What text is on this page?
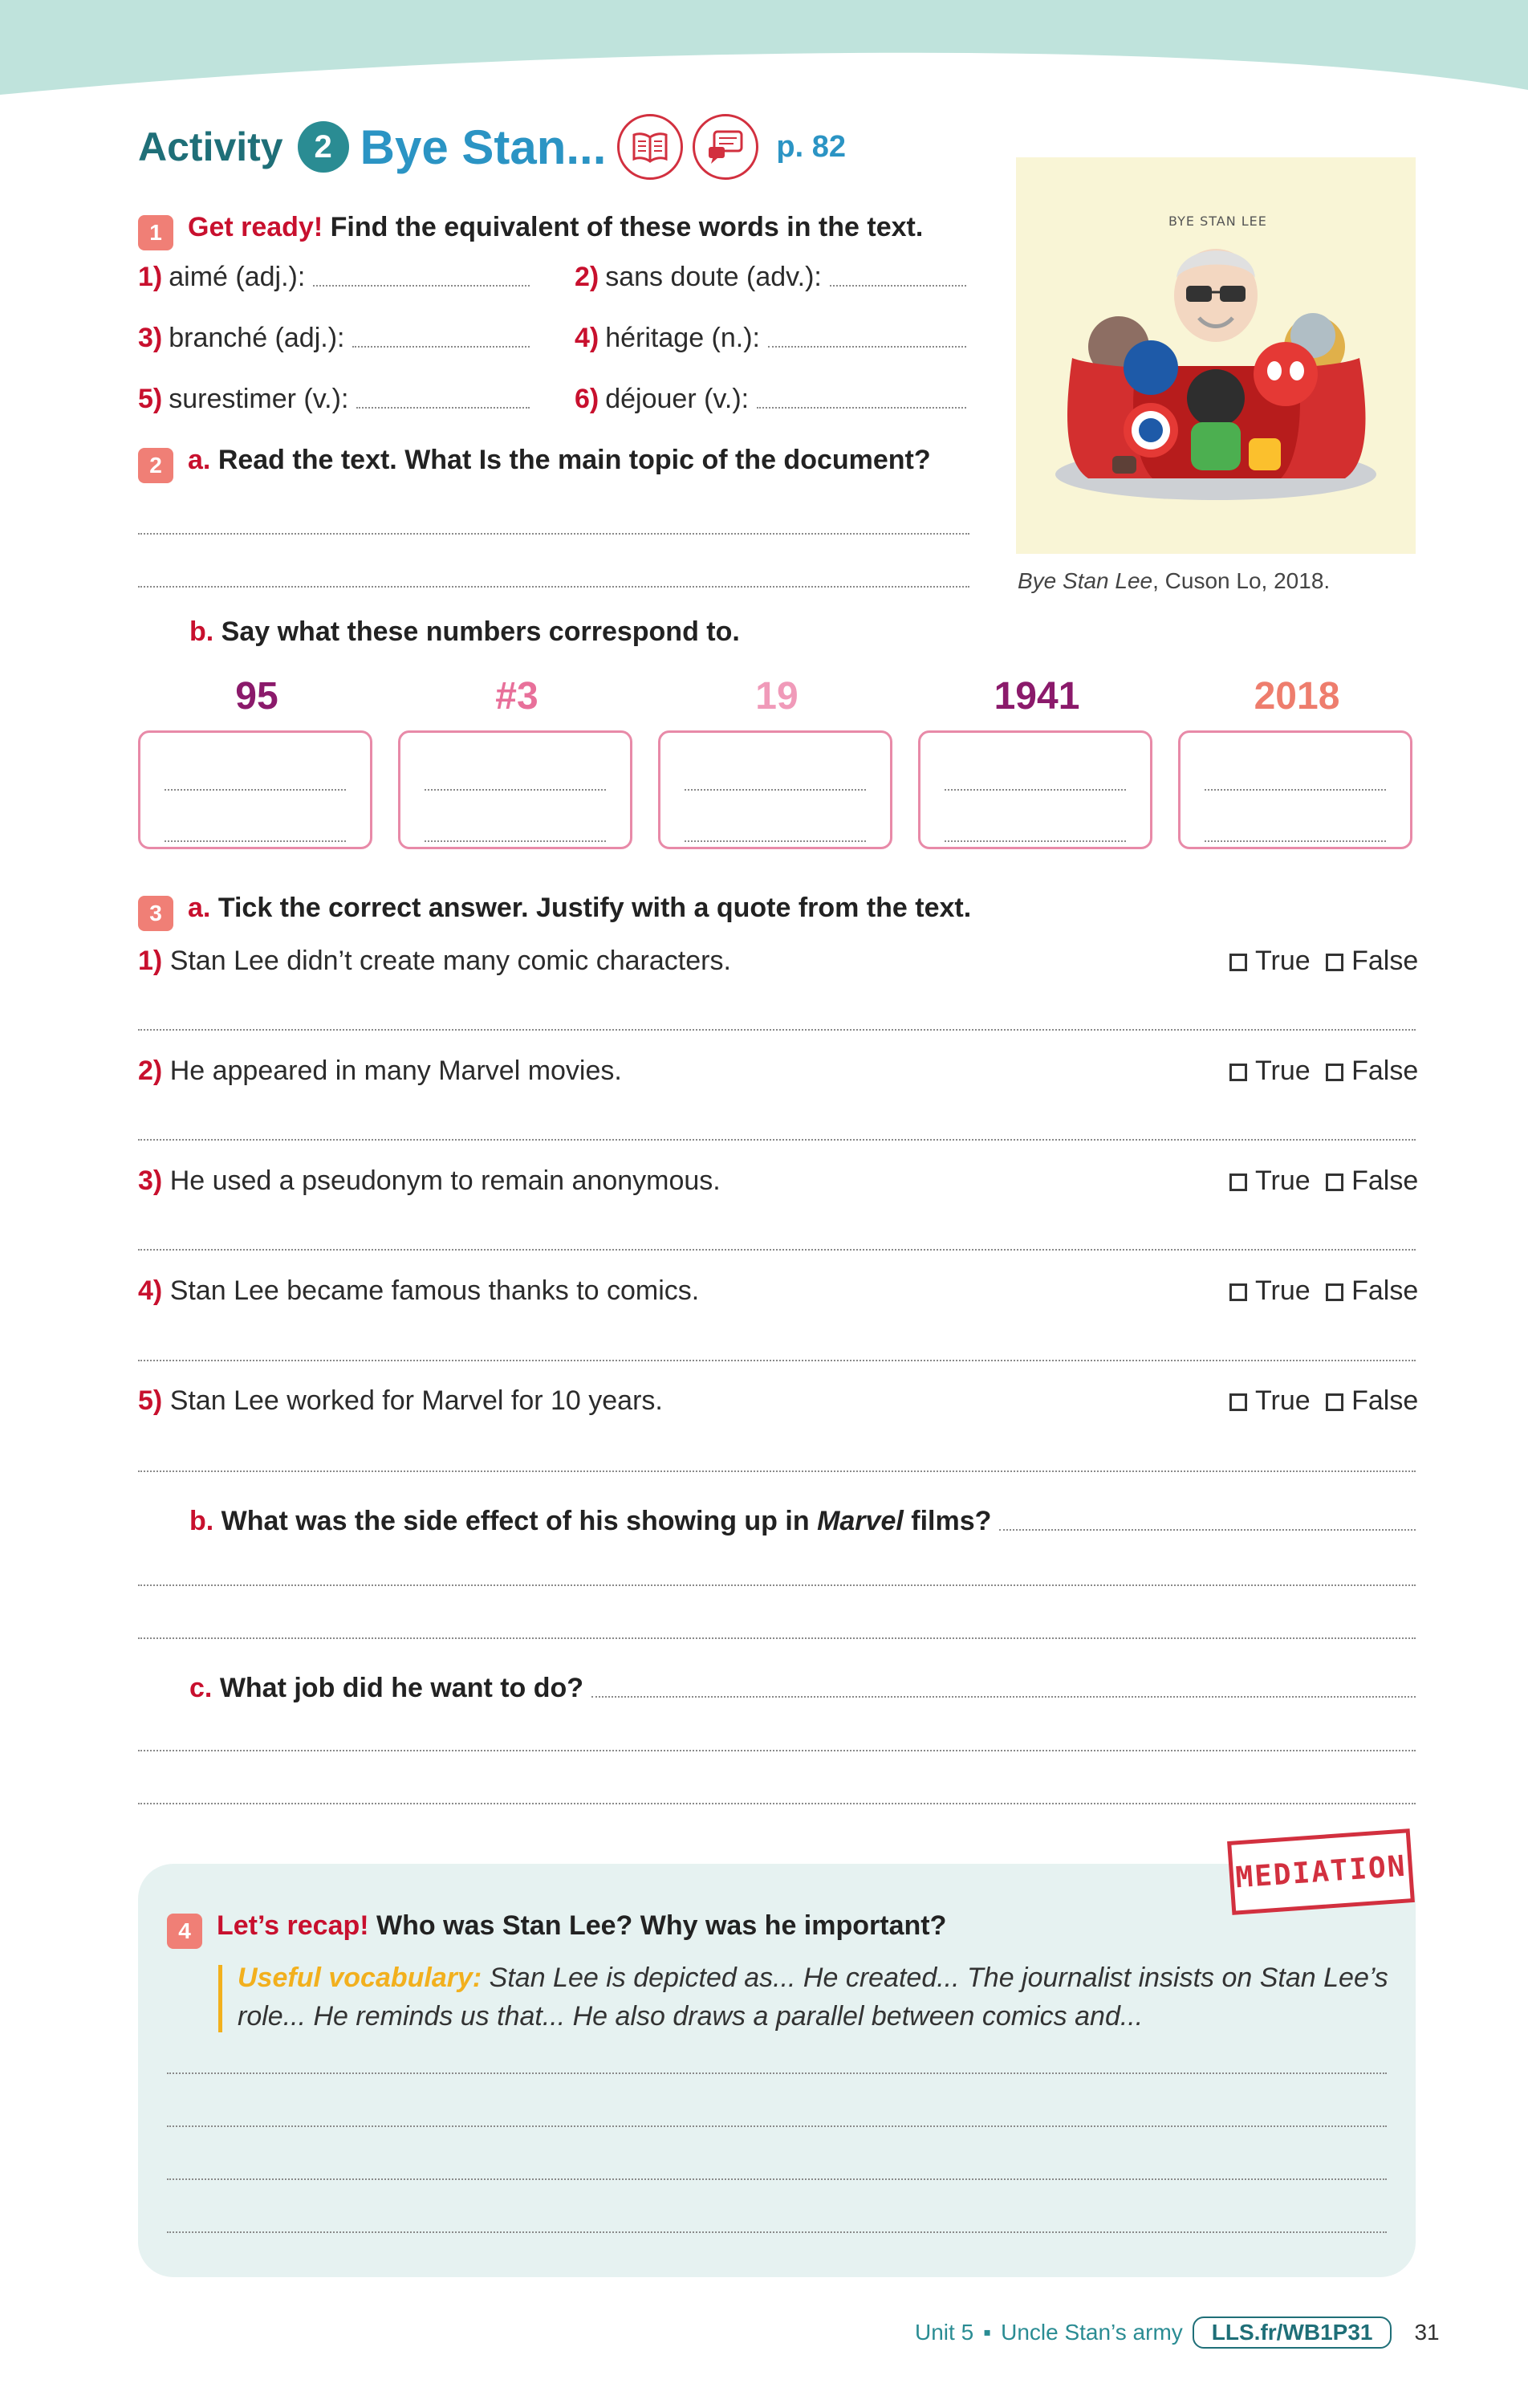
Activity 2 Bye Stan...	p. 82
BYE STAN LEE
Bye Stan Lee, Cuson Lo, 2018.
1 Get ready! Find the equivalent of these words in the text.
1) aimé (adj.):	2) sans doute (adv.):
3) branché (adj.):	4) héritage (n.):
5) surestimer (v.):	6) déjouer (v.):
2 a. Read the text. What Is the main topic of the document?
b. Say what these numbers correspond to.
95	#3	19	1941	2018
3 a. Tick the correct answer. Justify with a quote from the text.
1) Stan Lee didn’t create many comic characters.	True False
2) He appeared in many Marvel movies.	True False
3) He used a pseudonym to remain anonymous.	True False
4) Stan Lee became famous thanks to comics.	True False
5) Stan Lee worked for Marvel for 10 years.	True False
b.
What was the side effect of his showing up in
Marvel
films?
c.
What job did he want to do?
MEDIATION
4 Let’s recap! Who was Stan Lee? Why was he important?
Useful vocabulary: Stan Lee is depicted as... He created... The journalist insists on Stan Lee’s role... He reminds us that... He also draws a parallel between comics and...
Unit 5 ▪ Uncle Stan’s army	LLS.fr/WB1P31	31
